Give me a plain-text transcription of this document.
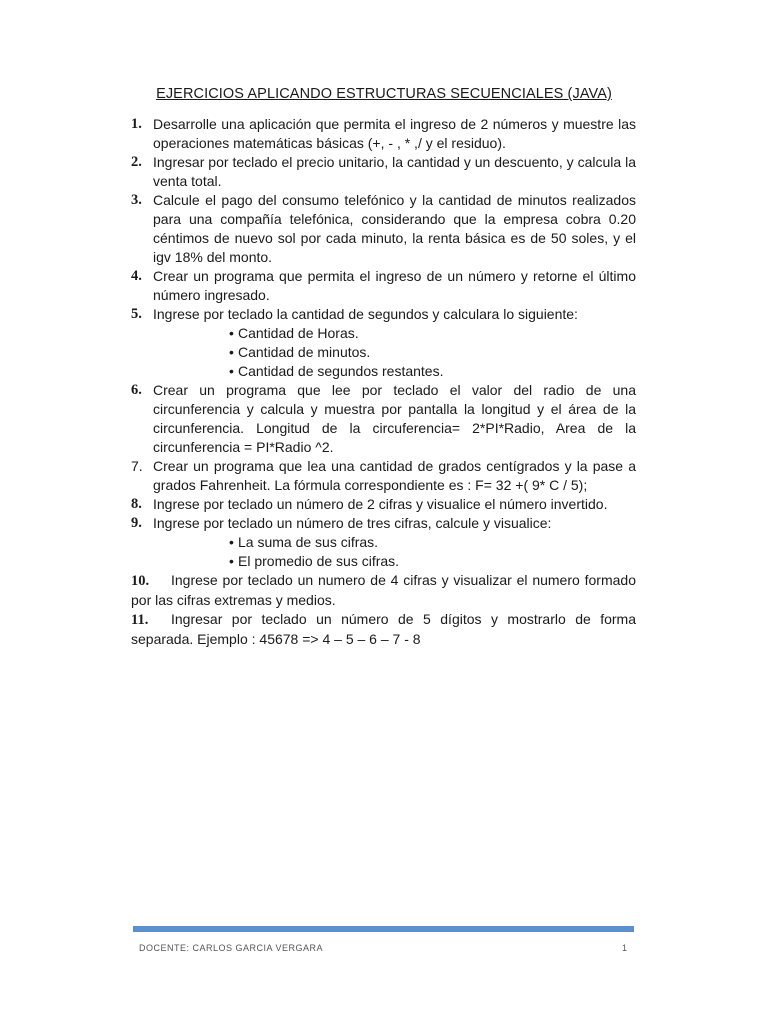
EJERCICIOS APLICANDO ESTRUCTURAS SECUENCIALES (JAVA)
1. Desarrolle una aplicación que permita el ingreso de 2 números y muestre las operaciones matemáticas básicas (+, - , * ,/ y el residuo).
2. Ingresar por teclado el precio unitario, la cantidad y un descuento, y calcula la venta total.
3. Calcule el pago del consumo telefónico y la cantidad de minutos realizados para una compañía telefónica, considerando que la empresa cobra 0.20 céntimos de nuevo sol por cada minuto, la renta básica es de 50 soles, y el igv 18% del monto.
4. Crear un programa que permita el ingreso de un número y retorne el último número ingresado.
5. Ingrese por teclado la cantidad de segundos y calculara lo siguiente:
• Cantidad de Horas.
• Cantidad de minutos.
• Cantidad de segundos restantes.
6. Crear un programa que lee por teclado el valor del radio de una circunferencia y calcula y muestra por pantalla la longitud y el área de la circunferencia. Longitud de la circuferencia= 2*PI*Radio, Area de la circunferencia = PI*Radio ^2.
7. Crear un programa que lea una cantidad de grados centígrados y la pase a grados Fahrenheit. La fórmula correspondiente es : F= 32 +( 9* C / 5);
8. Ingrese por teclado un número de 2 cifras y visualice el número invertido.
9. Ingrese por teclado un número de tres cifras, calcule y visualice:
• La suma de sus cifras.
• El promedio de sus cifras.
10. Ingrese por teclado un numero de 4 cifras y visualizar el numero formado por las cifras extremas y medios.
11. Ingresar por teclado un número de 5 dígitos y mostrarlo de forma separada. Ejemplo : 45678 => 4 – 5 – 6 – 7 - 8
DOCENTE: CARLOS GARCIA VERGARA	1
